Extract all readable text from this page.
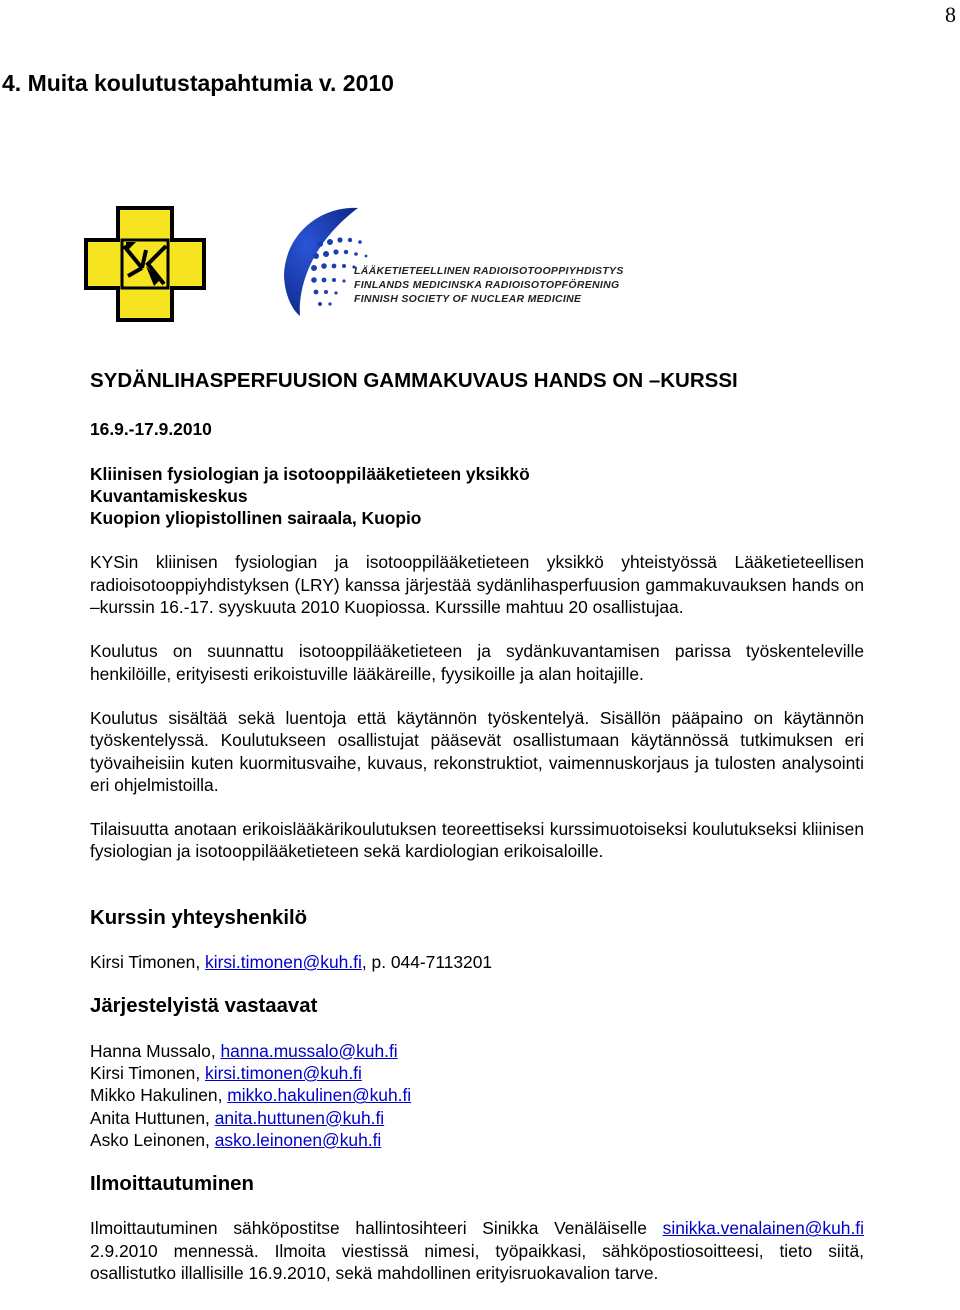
8
4. Muita koulutustapahtumia v. 2010
LÄÄKETIETEELLINEN RADIOISOTOOPPIYHDISTYS
FINLANDS MEDICINSKA RADIOISOTOPFÖRENING
FINNISH SOCIETY OF NUCLEAR MEDICINE
SYDÄNLIHASPERFUUSION GAMMAKUVAUS HANDS ON –KURSSI
16.9.-17.9.2010
Kliinisen fysiologian ja isotooppilääketieteen yksikkö
Kuvantamiskeskus
Kuopion yliopistollinen sairaala, Kuopio

KYSin kliinisen fysiologian ja isotooppilääketieteen yksikkö yhteistyössä Lääketieteellisen radioisotooppiyhdistyksen (LRY) kanssa järjestää sydänlihasperfuusion gammakuvauksen hands on –kurssin 16.-17. syyskuuta 2010 Kuopiossa. Kurssille mahtuu 20 osallistujaa.

Koulutus on suunnattu isotooppilääketieteen ja sydänkuvantamisen parissa työskenteleville henkilöille, erityisesti erikoistuville lääkäreille, fyysikoille ja alan hoitajille.

Koulutus sisältää sekä luentoja että käytännön työskentelyä. Sisällön pääpaino on käytännön työskentelyssä. Koulutukseen osallistujat pääsevät osallistumaan käytännössä tutkimuksen eri työvaiheisiin kuten kuormitusvaihe, kuvaus, rekonstruktiot, vaimennuskorjaus ja tulosten analysointi eri ohjelmistoilla.

Tilaisuutta anotaan erikoislääkärikoulutuksen teoreettiseksi kurssimuotoiseksi koulutukseksi kliinisen fysiologian ja isotooppilääketieteen sekä kardiologian erikoisaloille.

Kurssin yhteyshenkilö

Kirsi Timonen, kirsi.timonen@kuh.fi, p. 044-7113201

Järjestelyistä vastaavat
Hanna Mussalo, hanna.mussalo@kuh.fi
Kirsi Timonen, kirsi.timonen@kuh.fi
Mikko Hakulinen, mikko.hakulinen@kuh.fi
Anita Huttunen, anita.huttunen@kuh.fi
Asko Leinonen, asko.leinonen@kuh.fi
Ilmoittautuminen

Ilmoittautuminen sähköpostitse hallintosihteeri Sinikka Venäläiselle sinikka.venalainen@kuh.fi 2.9.2010 mennessä. Ilmoita viestissä nimesi, työpaikkasi, sähköpostiosoitteesi, tieto siitä, osallistutko illallisille 16.9.2010, sekä mahdollinen erityisruokavalion tarve.
